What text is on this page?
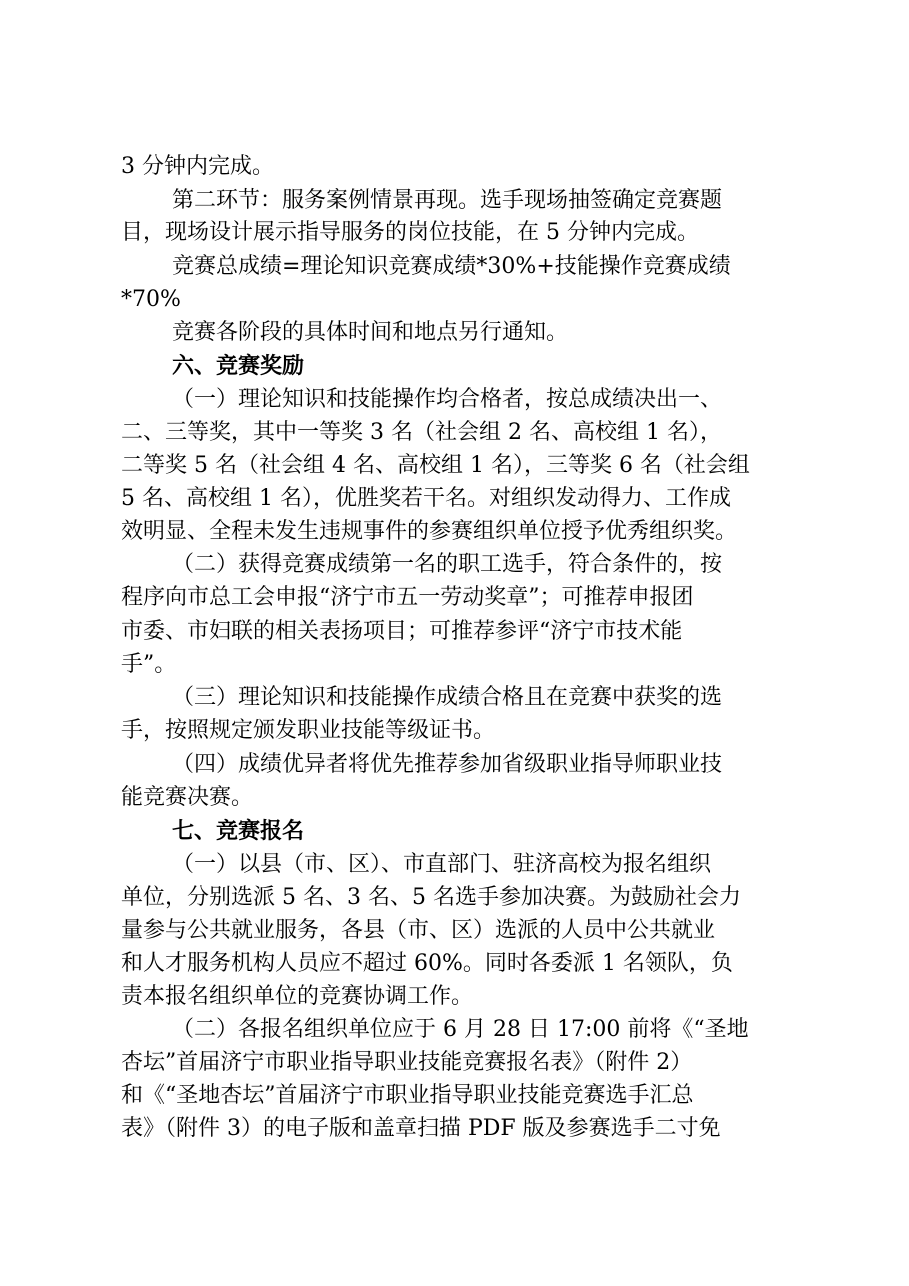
3 分钟内完成。
第二环节：服务案例情景再现。选手现场抽签确定竞赛题
目，现场设计展示指导服务的岗位技能，在 5 分钟内完成。
竞赛总成绩=理论知识竞赛成绩*30%+技能操作竞赛成绩
*70%
竞赛各阶段的具体时间和地点另行通知。
六、竞赛奖励
（一）理论知识和技能操作均合格者，按总成绩决出一、
二、三等奖，其中一等奖 3 名（社会组 2 名、高校组 1 名），
二等奖 5 名（社会组 4 名、高校组 1 名），三等奖 6 名（社会组
5 名、高校组 1 名），优胜奖若干名。对组织发动得力、工作成
效明显、全程未发生违规事件的参赛组织单位授予优秀组织奖。
（二）获得竞赛成绩第一名的职工选手，符合条件的，按
程序向市总工会申报“济宁市五一劳动奖章”；可推荐申报团
市委、市妇联的相关表扬项目；可推荐参评“济宁市技术能
手”。
（三）理论知识和技能操作成绩合格且在竞赛中获奖的选
手，按照规定颁发职业技能等级证书。
（四）成绩优异者将优先推荐参加省级职业指导师职业技
能竞赛决赛。
七、竞赛报名
（一）以县（市、区）、市直部门、驻济高校为报名组织
单位，分别选派 5 名、3 名、5 名选手参加决赛。为鼓励社会力
量参与公共就业服务，各县（市、区）选派的人员中公共就业
和人才服务机构人员应不超过 60%。同时各委派 1 名领队，负
责本报名组织单位的竞赛协调工作。
（二）各报名组织单位应于 6 月 28 日 17:00 前将《“圣地
杏坛”首届济宁市职业指导职业技能竞赛报名表》（附件 2）
和《“圣地杏坛”首届济宁市职业指导职业技能竞赛选手汇总
表》（附件 3）的电子版和盖章扫描 PDF 版及参赛选手二寸免
